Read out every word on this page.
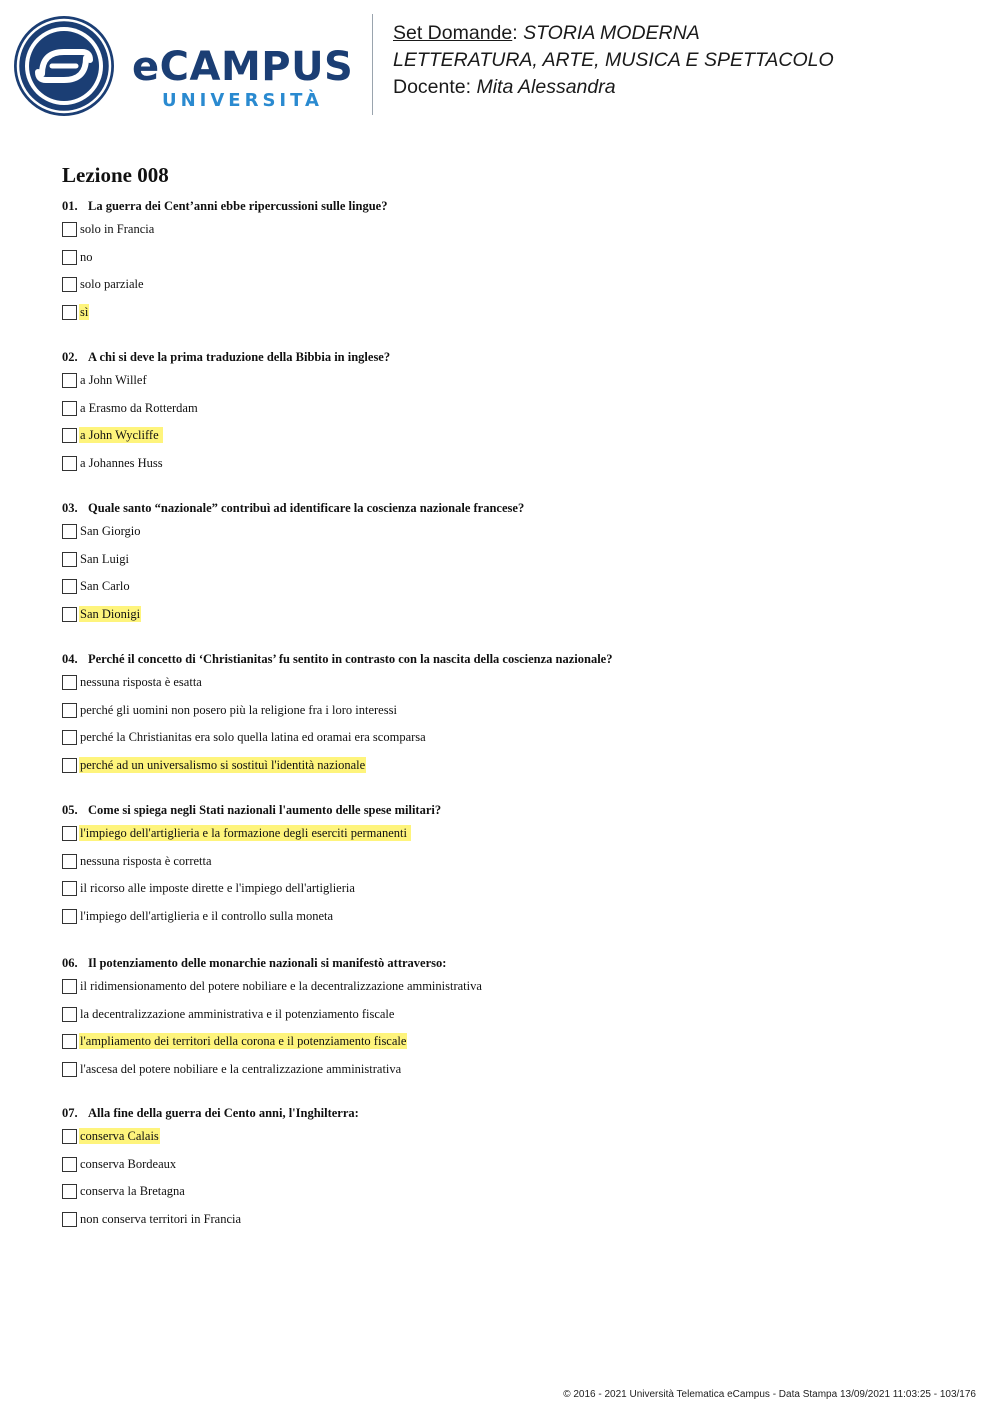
eCAMPUS
UNIVERSITÀ
Set Domande: STORIA MODERNA
LETTERATURA, ARTE, MUSICA E SPETTACOLO
Docente: Mita Alessandra
Lezione 008
01. La guerra dei Cent’anni ebbe ripercussioni sulle lingue?
solo in Francia
no
solo parziale
sì
02. A chi si deve la prima traduzione della Bibbia in inglese?
a John Willef
a Erasmo da Rotterdam
a John Wycliffe
a Johannes Huss
03. Quale santo “nazionale” contribuì ad identificare la coscienza nazionale francese?
San Giorgio
San Luigi
San Carlo
San Dionigi
04. Perché il concetto di ‘Christianitas’ fu sentito in contrasto con la nascita della coscienza nazionale?
nessuna risposta è esatta
perché gli uomini non posero più la religione fra i loro interessi
perché la Christianitas era solo quella latina ed oramai era scomparsa
perché ad un universalismo si sostituì l'identità nazionale
05. Come si spiega negli Stati nazionali l'aumento delle spese militari?
l'impiego dell'artiglieria e la formazione degli eserciti permanenti
nessuna risposta è corretta
il ricorso alle imposte dirette e l'impiego dell'artiglieria
l'impiego dell'artiglieria e il controllo sulla moneta
06. Il potenziamento delle monarchie nazionali si manifestò attraverso:
il ridimensionamento del potere nobiliare e la decentralizzazione amministrativa
la decentralizzazione amministrativa e il potenziamento fiscale
l'ampliamento dei territori della corona e il potenziamento fiscale
l'ascesa del potere nobiliare e la centralizzazione amministrativa
07. Alla fine della guerra dei Cento anni, l'Inghilterra:
conserva Calais
conserva Bordeaux
conserva la Bretagna
non conserva territori in Francia
© 2016 - 2021 Università Telematica eCampus - Data Stampa 13/09/2021 11:03:25 - 103/176
